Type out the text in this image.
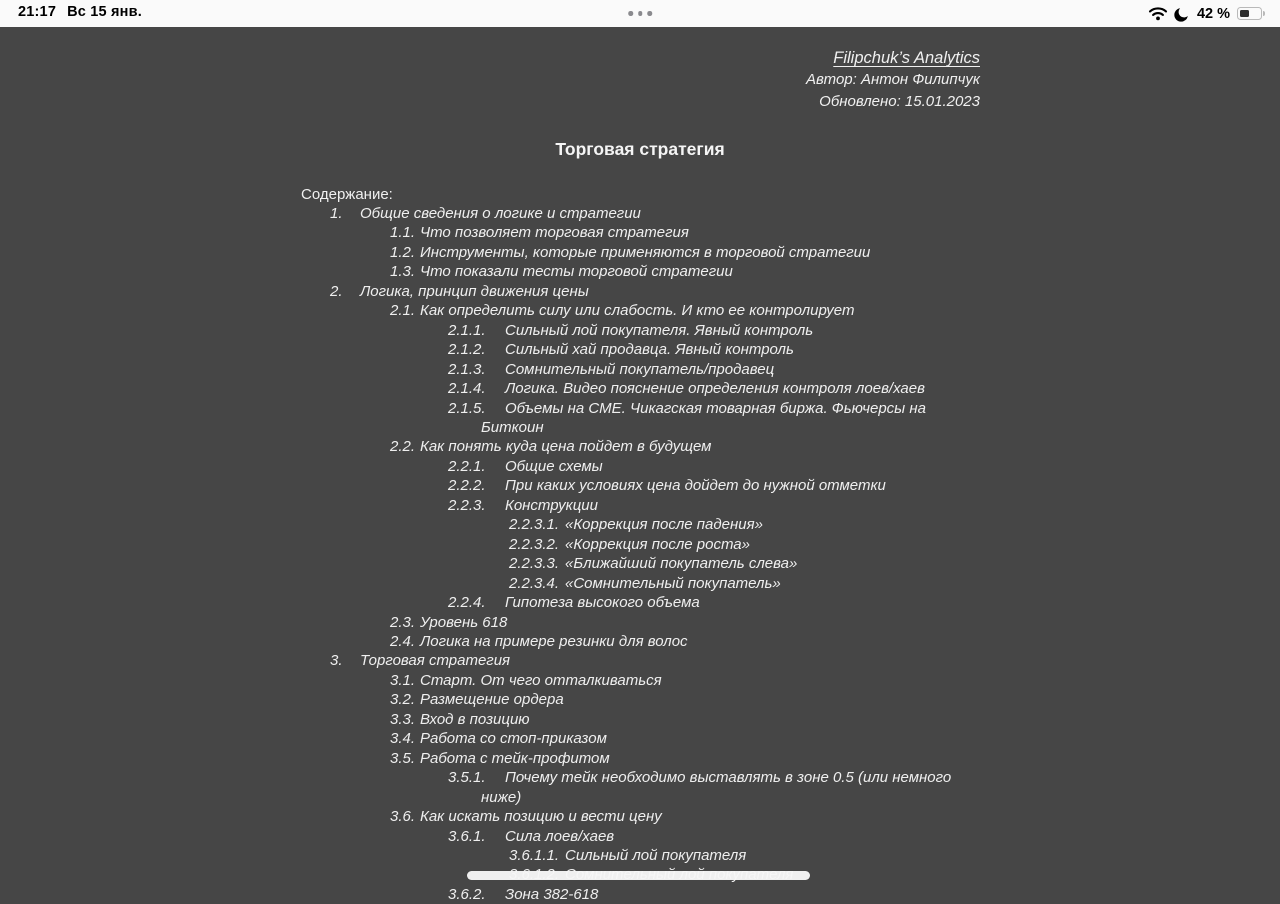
21:17 Вс 15 янв.	42 %
Filipchuk’s Analytics
Автор: Антон Филипчук
Обновлено: 15.01.2023
Торговая стратегия
Содержание:
1.	Общие сведения о логике и стратегии
1.1. Что позволяет торговая стратегия
1.2. Инструменты, которые применяются в торговой стратегии
1.3. Что показали тесты торговой стратегии
2.	Логика, принцип движения цены
2.1. Как определить силу или слабость. И кто ее контролирует
2.1.1.	Сильный лой покупателя. Явный контроль
2.1.2.	Сильный хай продавца. Явный контроль
2.1.3.	Сомнительный покупатель/продавец
2.1.4.	Логика. Видео пояснение определения контроля лоев/хаев
2.1.5.	Объемы на CME. Чикагская товарная биржа. Фьючерсы на
Биткоин
2.2. Как понять куда цена пойдет в будущем
2.2.1.	Общие схемы
2.2.2.	При каких условиях цена дойдет до нужной отметки
2.2.3.	Конструкции
2.2.3.1. «Коррекция после падения»
2.2.3.2. «Коррекция после роста»
2.2.3.3. «Ближайший покупатель слева»
2.2.3.4. «Сомнительный покупатель»
2.2.4.	Гипотеза высокого объема
2.3. Уровень 618
2.4. Логика на примере резинки для волос
3.	Торговая стратегия
3.1. Старт. От чего отталкиваться
3.2. Размещение ордера
3.3. Вход в позицию
3.4. Работа со стоп-приказом
3.5. Работа с тейк-профитом
3.5.1.	Почему тейк необходимо выставлять в зоне 0.5 (или немного
ниже)
3.6. Как искать позицию и вести цену
3.6.1.	Сила лоев/хаев
3.6.1.1. Сильный лой покупателя
3.6.2.	Зона 382-618
